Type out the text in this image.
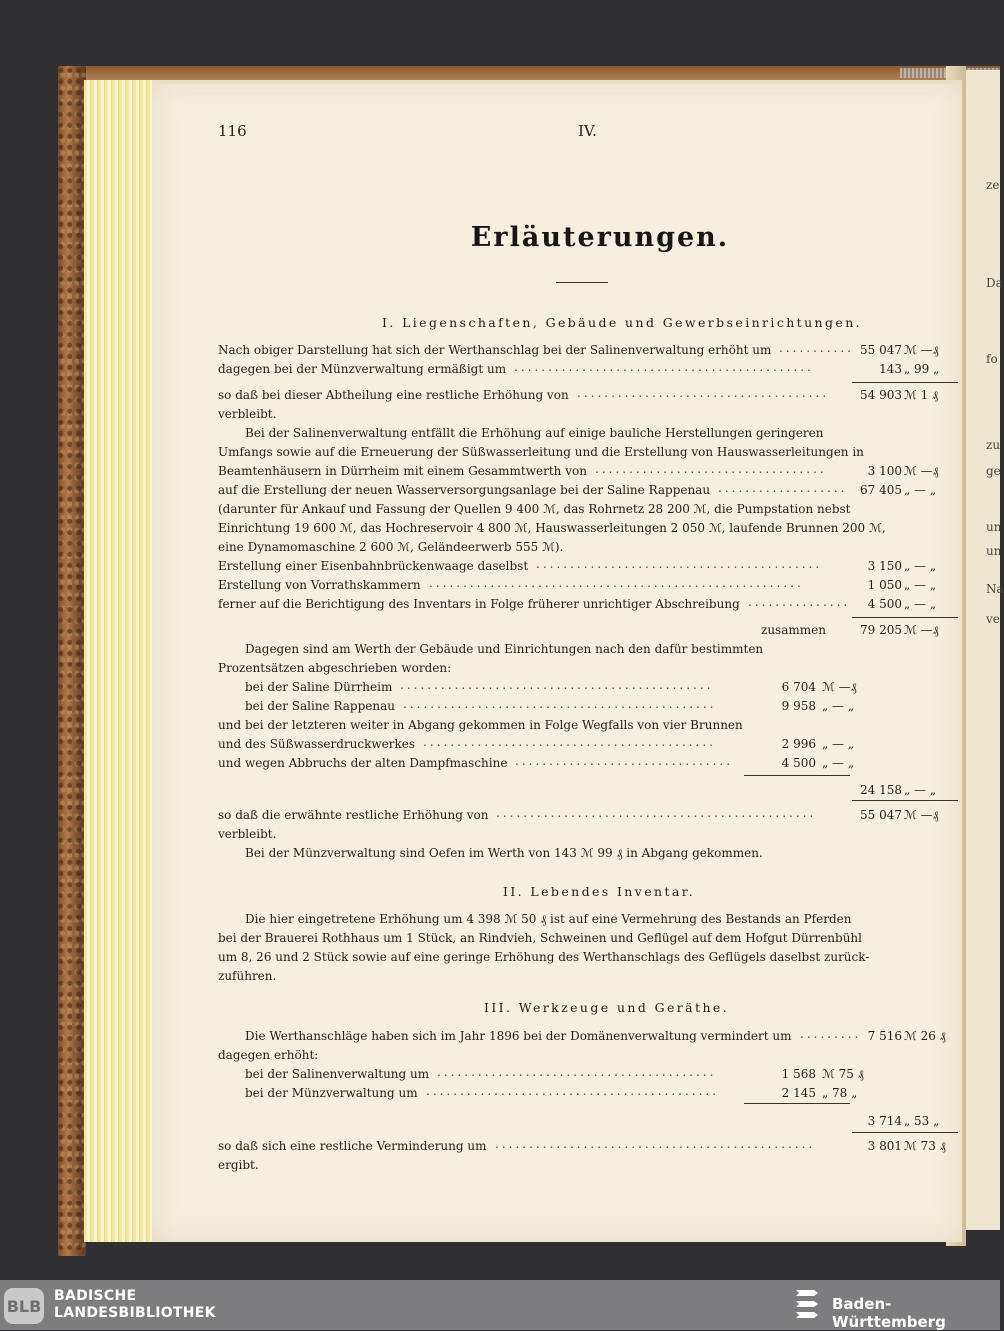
ze
Da
fo
zu
ge
un
un
Na
ve
116	IV.
Erläuterungen.
I. Liegenschaften, Gebäude und Gewerbseinrichtungen.
II. Lebendes Inventar.
III. Werkzeuge und Geräthe.
Nach obiger Darstellung hat sich der Werthanschlag bei der Salinenverwaltung erhöht um ........... 55 047 ℳ —₰
dagegen bei der Münzverwaltung ermäßigt um ............................................	143 „ 99 „
so daß bei dieser Abtheilung eine restliche Erhöhung von .....................................	54 903 ℳ 1 ₰
verbleibt.
Bei der Salinenverwaltung entfällt die Erhöhung auf einige bauliche Herstellungen geringeren
Umfangs sowie auf die Erneuerung der Süßwasserleitung und die Erstellung von Hauswasserleitungen in
Beamtenhäusern in Dürrheim mit einem Gesammtwerth von ..................................	3 100 ℳ —₰
auf die Erstellung der neuen Wasserversorgungsanlage bei der Saline Rappenau ................... 67 405 „ — „
(darunter für Ankauf und Fassung der Quellen 9 400 ℳ, das Rohrnetz 28 200 ℳ, die Pumpstation nebst
Einrichtung 19 600 ℳ, das Hochreservoir 4 800 ℳ, Hauswasserleitungen 2 050 ℳ, laufende Brunnen 200 ℳ,
eine Dynamomaschine 2 600 ℳ, Geländeerwerb 555 ℳ).
Erstellung einer Eisenbahnbrückenwaage daselbst ..........................................	3 150 „ — „
Erstellung von Vorrathskammern .......................................................	1 050 „ — „
ferner auf die Berichtigung des Inventars in Folge früherer unrichtiger Abschreibung ............... 4 500 „ — „
zusammen	79 205 ℳ —₰
Dagegen sind am Werth der Gebäude und Einrichtungen nach den dafür bestimmten
Prozentsätzen abgeschrieben worden:
bei der Saline Dürrheim ..............................................	6 704 ℳ —₰
bei der Saline Rappenau ..............................................	9 958 „ — „
und bei der letzteren weiter in Abgang gekommen in Folge Wegfalls von vier Brunnen
und des Süßwasserdruckwerkes ...........................................	2 996 „ — „
und wegen Abbruchs der alten Dampfmaschine ................................	4 500 „ — „
24 158 „ — „
so daß die erwähnte restliche Erhöhung von ...............................................	55 047 ℳ —₰
verbleibt.
Bei der Münzverwaltung sind Oefen im Werth von 143 ℳ 99 ₰ in Abgang gekommen.
Die hier eingetretene Erhöhung um 4 398 ℳ 50 ₰ ist auf eine Vermehrung des Bestands an Pferden
bei der Brauerei Rothhaus um 1 Stück, an Rindvieh, Schweinen und Geflügel auf dem Hofgut Dürrenbühl
um 8, 26 und 2 Stück sowie auf eine geringe Erhöhung des Werthanschlags des Geflügels daselbst zurück-
zuführen.
Die Werthanschläge haben sich im Jahr 1896 bei der Domänenverwaltung vermindert um ......... 7 516 ℳ 26 ₰
dagegen erhöht:
bei der Salinenverwaltung um .........................................	1 568 ℳ 75 ₰
bei der Münzverwaltung um ...........................................	2 145 „ 78 „
3 714 „ 53 „
so daß sich eine restliche Verminderung um ...............................................	3 801 ℳ 73 ₰
ergibt.
BLB
BADISCHE
LANDESBIBLIOTHEK	Baden-Württemberg
